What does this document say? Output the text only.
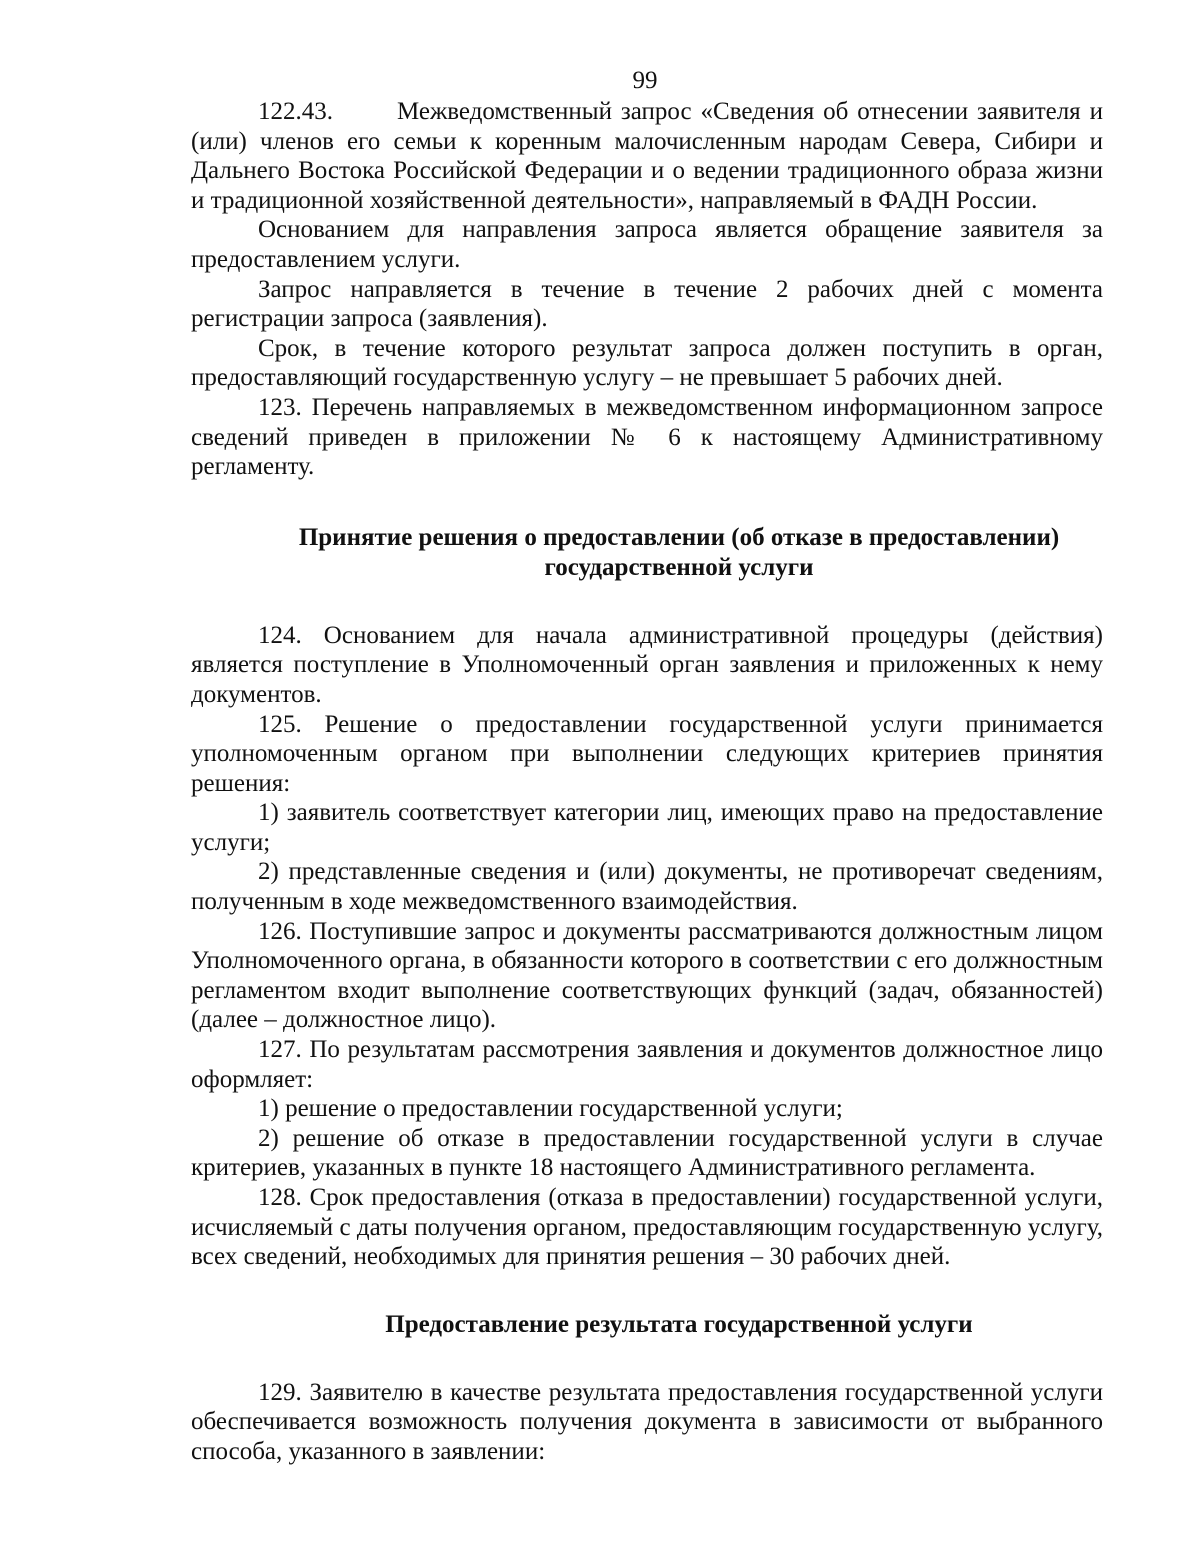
99

122.43.	Межведомственный запрос «Сведения об отнесении заявителя и (или) членов его семьи к коренным малочисленным народам Севера, Сибири и Дальнего Востока Российской Федерации и о ведении традиционного образа жизни и традиционной хозяйственной деятельности», направляемый в ФАДН России.

Основанием для направления запроса является обращение заявителя за предоставлением услуги.

Запрос направляется в течение в течение 2 рабочих дней с момента регистрации запроса (заявления).

Срок, в течение которого результат запроса должен поступить в орган, предоставляющий государственную услугу – не превышает 5 рабочих дней.

123. Перечень направляемых в межведомственном информационном запросе сведений приведен в приложении № 6 к настоящему Административному регламенту.

Принятие решения о предоставлении (об отказе в предоставлении) государственной услуги

124. Основанием для начала административной процедуры (действия) является поступление в Уполномоченный орган заявления и приложенных к нему документов.

125. Решение о предоставлении государственной услуги принимается уполномоченным органом при выполнении следующих критериев принятия решения:

1) заявитель соответствует категории лиц, имеющих право на предоставление услуги;

2) представленные сведения и (или) документы, не противоречат сведениям, полученным в ходе межведомственного взаимодействия.

126. Поступившие запрос и документы рассматриваются должностным лицом Уполномоченного органа, в обязанности которого в соответствии с его должностным регламентом входит выполнение соответствующих функций (задач, обязанностей) (далее – должностное лицо).

127. По результатам рассмотрения заявления и документов должностное лицо оформляет:

1) решение о предоставлении государственной услуги;

2) решение об отказе в предоставлении государственной услуги в случае критериев, указанных в пункте 18 настоящего Административного регламента.

128. Срок предоставления (отказа в предоставлении) государственной услуги, исчисляемый с даты получения органом, предоставляющим государственную услугу, всех сведений, необходимых для принятия решения – 30 рабочих дней.

Предоставление результата государственной услуги

129. Заявителю в качестве результата предоставления государственной услуги обеспечивается возможность получения документа в зависимости от выбранного способа, указанного в заявлении:
